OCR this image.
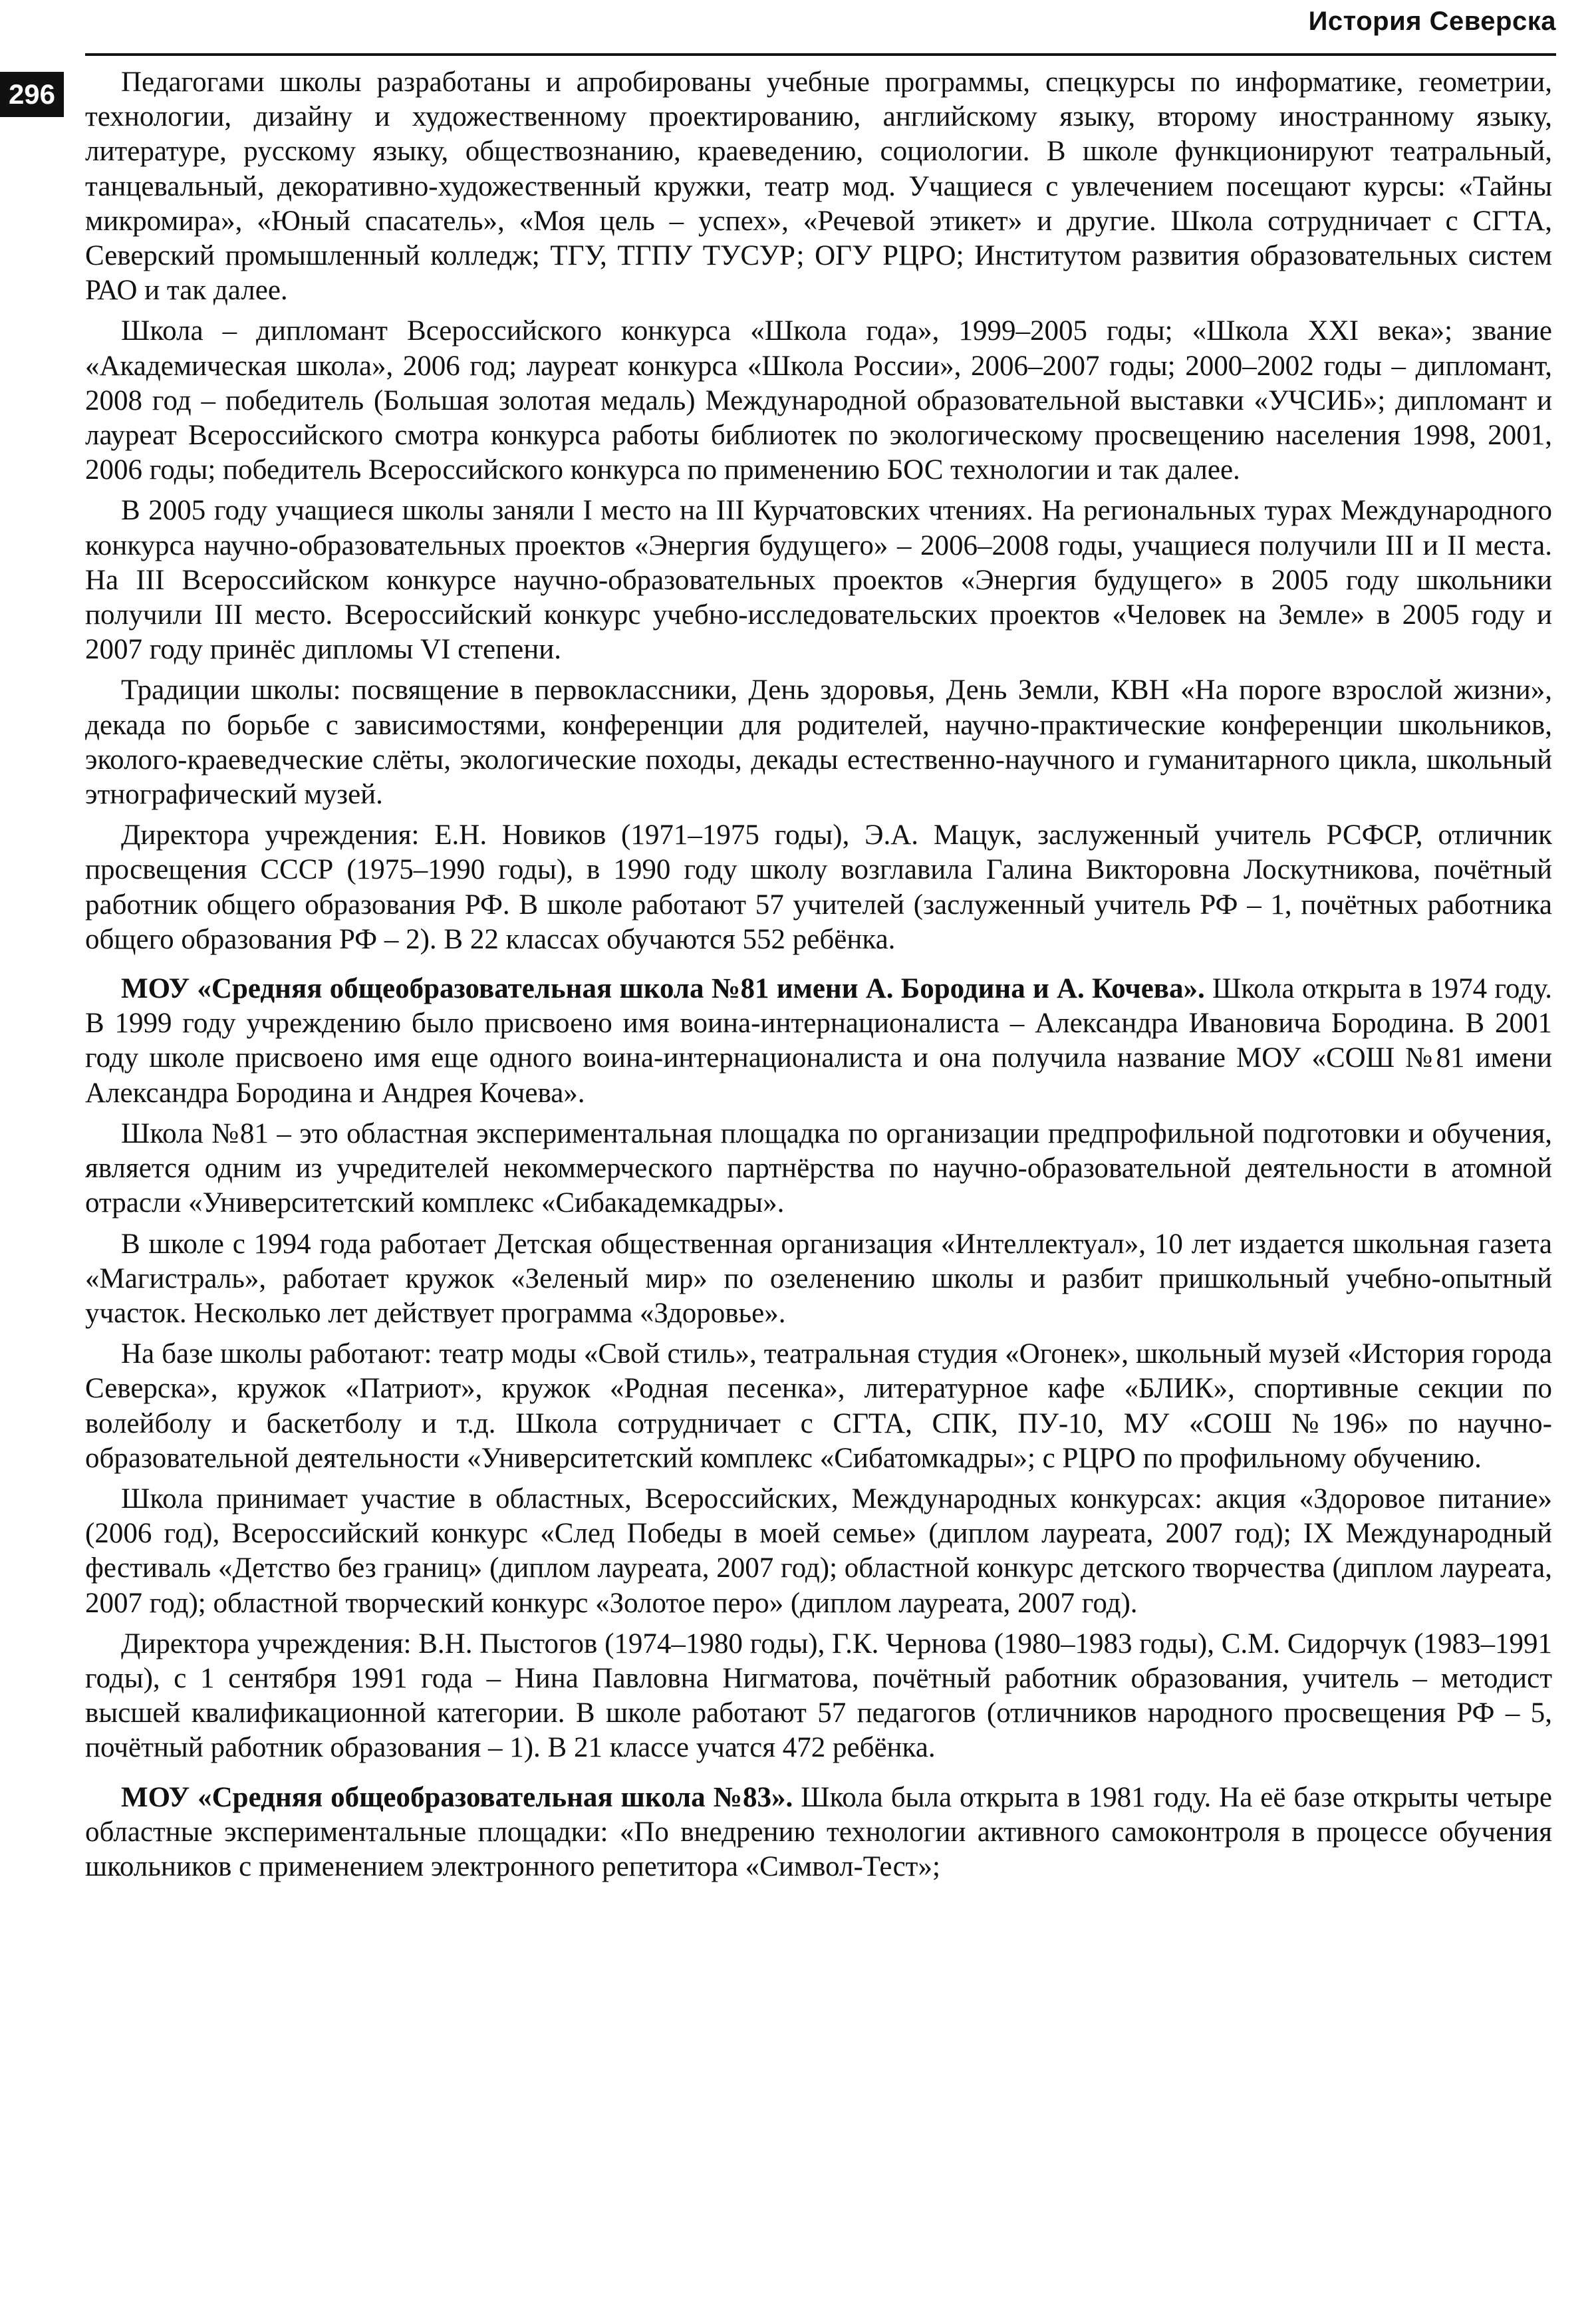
История Северска
296	Педагогами школы разработаны и апробированы учебные программы, спецкурсы по информатике, геометрии, технологии, дизайну и художественному проектированию, английскому языку, второму иностранному языку, литературе, русскому языку, обществознанию, краеведению, социологии. В школе функционируют театральный, танцевальный, декоративно-художественный кружки, театр мод. Учащиеся с увлечением посещают курсы: «Тайны микромира», «Юный спасатель», «Моя цель – успех», «Речевой этикет» и другие. Школа сотрудничает с СГТА, Северский промышленный колледж; ТГУ, ТГПУ ТУСУР; ОГУ РЦРО; Институтом развития образовательных систем РАО и так далее.

Школа – дипломант Всероссийского конкурса «Школа года», 1999–2005 годы; «Школа XXI века»; звание «Академическая школа», 2006 год; лауреат конкурса «Школа России», 2006–2007 годы; 2000–2002 годы – дипломант, 2008 год – победитель (Большая золотая медаль) Международной образовательной выставки «УЧСИБ»; дипломант и лауреат Всероссийского смотра конкурса работы библиотек по экологическому просвещению населения 1998, 2001, 2006 годы; победитель Всероссийского конкурса по применению БОС технологии и так далее.

В 2005 году учащиеся школы заняли I место на III Курчатовских чтениях. На региональных турах Международного конкурса научно-образовательных проектов «Энергия будущего» – 2006–2008 годы, учащиеся получили III и II места. На III Всероссийском конкурсе научно-образовательных проектов «Энергия будущего» в 2005 году школьники получили III место. Всероссийский конкурс учебно-исследовательских проектов «Человек на Земле» в 2005 году и 2007 году принёс дипломы VI степени.

Традиции школы: посвящение в первоклассники, День здоровья, День Земли, КВН «На пороге взрослой жизни», декада по борьбе с зависимостями, конференции для родителей, научно-практические конференции школьников, эколого-краеведческие слёты, экологические походы, декады естественно-научного и гуманитарного цикла, школьный этнографический музей.

Директора учреждения: Е.Н. Новиков (1971–1975 годы), Э.А. Мацук, заслуженный учитель РСФСР, отличник просвещения СССР (1975–1990 годы), в 1990 году школу возглавила Галина Викторовна Лоскутникова, почётный работник общего образования РФ. В школе работают 57 учителей (заслуженный учитель РФ – 1, почётных работника общего образования РФ – 2). В 22 классах обучаются 552 ребёнка.

МОУ «Средняя общеобразовательная школа №81 имени А. Бородина и А. Кочева». Школа открыта в 1974 году. В 1999 году учреждению было присвоено имя воина-интернационалиста – Александра Ивановича Бородина. В 2001 году школе присвоено имя еще одного воина-интернационалиста и она получила название МОУ «СОШ №81 имени Александра Бородина и Андрея Кочева».

Школа №81 – это областная экспериментальная площадка по организации предпрофильной подготовки и обучения, является одним из учредителей некоммерческого партнёрства по научно-образовательной деятельности в атомной отрасли «Университетский комплекс «Сибакадемкадры».

В школе с 1994 года работает Детская общественная организация «Интеллектуал», 10 лет издается школьная газета «Магистраль», работает кружок «Зеленый мир» по озеленению школы и разбит пришкольный учебно-опытный участок. Несколько лет действует программа «Здоровье».

На базе школы работают: театр моды «Свой стиль», театральная студия «Огонек», школьный музей «История города Северска», кружок «Патриот», кружок «Родная песенка», литературное кафе «БЛИК», спортивные секции по волейболу и баскетболу и т.д. Школа сотрудничает с СГТА, СПК, ПУ-10, МУ «СОШ №196» по научно-образовательной деятельности «Университетский комплекс «Сибатомкадры»; с РЦРО по профильному обучению.

Школа принимает участие в областных, Всероссийских, Международных конкурсах: акция «Здоровое питание» (2006 год), Всероссийский конкурс «След Победы в моей семье» (диплом лауреата, 2007 год); IX Международный фестиваль «Детство без границ» (диплом лауреата, 2007 год); областной конкурс детского творчества (диплом лауреата, 2007 год); областной творческий конкурс «Золотое перо» (диплом лауреата, 2007 год).

Директора учреждения: В.Н. Пыстогов (1974–1980 годы), Г.К. Чернова (1980–1983 годы), С.М. Сидорчук (1983–1991 годы), с 1 сентября 1991 года – Нина Павловна Нигматова, почётный работник образования, учитель – методист высшей квалификационной категории. В школе работают 57 педагогов (отличников народного просвещения РФ – 5, почётный работник образования – 1). В 21 классе учатся 472 ребёнка.

МОУ «Средняя общеобразовательная школа №83». Школа была открыта в 1981 году. На её базе открыты четыре областные экспериментальные площадки: «По внедрению технологии активного самоконтроля в процессе обучения школьников с применением электронного репетитора «Символ-Тест»;
